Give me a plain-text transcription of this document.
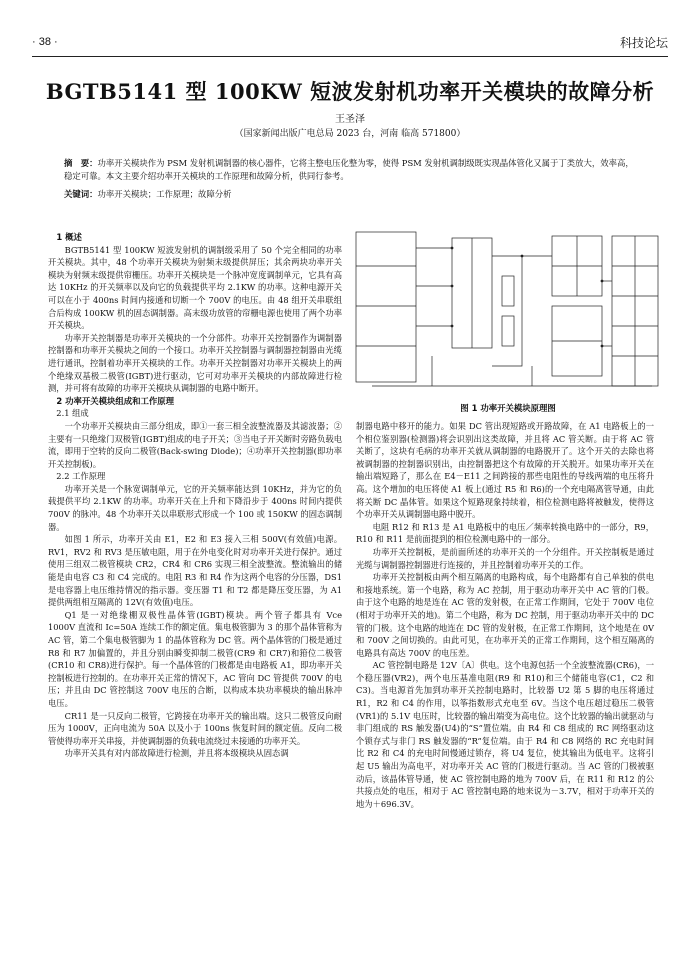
· 38 ·	科技论坛
BGTB5141 型 100KW 短波发射机功率开关模块的故障分析
王圣泽
（国家新闻出版广电总局 2023 台，河南 临高 571800）
摘　要：功率开关模块作为 PSM 发射机调制器的核心器件，它将主整电压化整为零，使得 PSM 发射机调制级既实现晶体管化又属于丁类放大，效率高，稳定可靠。本文主要介绍功率开关模块的工作原理和故障分析，供同行参考。
关键词：功率开关模块；工作原理；故障分析
1 概述

BGTB5141 型 100KW 短波发射机的调制级采用了 50 个完全相同的功率开关模块。其中，48 个功率开关模块为射频末级提供屏压；其余两块功率开关模块为射频末级提供帘栅压。功率开关模块是一个脉冲宽度调制单元，它具有高达 10KHz 的开关频率以及向它的负载提供平均 2.1KW 的功率。这种电源开关可以在小于 400ns 时间内接通和切断一个 700V 的电压。由 48 组开关串联组合后构成 100KW 机的固态调制器。高末级功放管的帘栅电源也使用了两个功率开关模块。

功率开关控制器是功率开关模块的一个分部件。功率开关控制器作为调制器控制器和功率开关模块之间的一个接口。功率开关控制器与调制器控制器由光缆进行通讯，控制着功率开关模块的工作。功率开关控制器对功率开关模块上的两个绝缘双基极二极管(IGBT)进行驱动，它可对功率开关模块的内部故障进行检测，并可将有故障的功率开关模块从调制器的电路中断开。

2 功率开关模块组成和工作原理
2.1 组成

一个功率开关模块由三部分组成，即①一套三相全波整流器及其滤波器；②主要有一只绝缘门双极管(IGBT)组成的电子开关；③当电子开关断时旁路负载电流，即用于空转的反向二极管(Back-swing Diode)；④功率开关控制器(即功率开关控制板)。

2.2 工作原理

功率开关是一个脉宽调制单元，它的开关频率能达到 10KHz，并为它的负载提供平均 2.1KW 的功率。功率开关在上升和下降沿步于 400ns 时间内提供 700V 的脉冲。48 个功率开关以串联形式形成一个 100 或 150KW 的固态调制器。

如图 1 所示，功率开关由 E1，E2 和 E3 接入三相 500V(有效值)电源。RV1，RV2 和 RV3 是压敏电阻，用于在外电变化时对功率开关进行保护。通过使用三组双二极管模块 CR2，CR4 和 CR6 实现三相全波整流。整流输出的储能是由电容 C3 和 C4 完成的。电阻 R3 和 R4 作为这两个电容的分压器，DS1 是电容器上电压维持情况的指示器。变压器 T1 和 T2 都是降压变压器，为 A1 提供两组相互隔离的 12V(有效值)电压。

Q1 是一对绝缘棚双极性晶体管(IGBT)模块。两个管子都具有 Vce　1000V 直流和 Ic=50A 连续工作的额定值。集电极管脚为 3 的那个晶体管称为 AC 管，第二个集电极管脚为 1 的晶体管称为 DC 管。两个晶体管的门极是通过 R8 和 R7 加偏置的，并且分别由瞬变抑制二极管(CR9 和 CR7)和箝位二极管(CR10 和 CR8)进行保护。每一个晶体管的门极都是由电路板 A1，即功率开关控制板进行控制的。在功率开关正常的情况下，AC 管向 DC 管提供 700V 的电压；并且由 DC 管控制这 700V 电压的合断，以构成本块功率模块的输出脉冲电压。

CR11 是一只反向二极管，它跨接在功率开关的输出端。这只二极管反向耐压为 1000V，正向电流为 50A 以及小于 100ns 恢复时间的额定值。反向二极管使得功率开关串接，并使调制器的负载电流绕过未接通的功率开关。

功率开关具有对内部故障进行检测，并且将本级模块从固态调

图 1 功率开关模块原理图

制器电路中移开的能力。如果 DC 管出现短路或开路故障，在 A1 电路板上的一个相位鉴别器(检测器)将会识别出这类故障，并且将 AC 管关断。由于将 AC 管关断了，这块有毛病的功率开关就从调制器的电路脱开了。这个开关的去除也将被调制器的控制器识别出，由控制器把这个有故障的开关脱开。如果功率开关在输出端短路了，那么在 E4－E11 之间跨接的那些电阻性的导线两端的电压将升高。这个增加的电压将使 A1 板上(通过 R5 和 R6)的一个充电隔离管导通，由此将关断 DC 晶体管。如果这个短路现象持续着，相位检测电路将被触发，使得这个功率开关从调制器电路中脱开。

电阻 R12 和 R13 是 A1 电路板中的电压／频率转换电路中的一部分，R9，R10 和 R11 是前面提到的相位检测电路中的一部分。

功率开关控制板，是前面所述的功率开关的一个分组件。开关控制板是通过光缆与调制器控制器进行连接的，并且控制着功率开关的工作。

功率开关控制板由两个相互隔离的电路构成，每个电路都有自己单独的供电和接地系统。第一个电路，称为 AC 控制，用于驱动功率开关中 AC 管的门极。由于这个电路的地是连在 AC 管的发射极，在正常工作期间，它处于 700V 电位(相对于功率开关的地)。第二个电路，称为 DC 控制，用于驱动功率开关中的 DC 管的门极。这个电路的地连在 DC 管的发射极，在正常工作期间，这个地是在 0V 和 700V 之间切换的。由此可见，在功率开关的正常工作期间，这个相互隔离的电路具有高达 700V 的电压差。

AC 管控制电路是 12V〔A〕供电。这个电源包括一个全波整流器(CR6)，一个稳压器(VR2)，两个电压基准电阻(R9 和 R10)和三个储能电容(C1，C2 和 C3)。当电源首先加到功率开关控制电路时，比较器 U2 第 5 脚的电压将通过 R1，R2 和 C4 的作用，以筝指数形式充电至 6V。当这个电压超过稳压二极管(VR1)的 5.1V 电压时，比较器的输出端变为高电位。这个比较器的输出就驱动与非门组成的 RS 触发器(U4)的“S”置位端。由 R4 和 C8 组成的 RC 网络驱动这个锁存式与非门 RS 触发器的“R”复位端。由于 R4 和 C8 网络的 RC 充电时间比 R2 和 C4 的充电时间慢通过锁存，将 U4 复位，使其输出为低电平。这将引起 U5 输出为高电平，对功率开关 AC 管的门极进行驱动。当 AC 管的门极被驱动后，该晶体管导通，使 AC 管控制电路的地为 700V 后，在 R11 和 R12 的公共接点处的电压，相对于 AC 管控制电路的地来说为－3.7V，相对于功率开关的地为＋696.3V。
